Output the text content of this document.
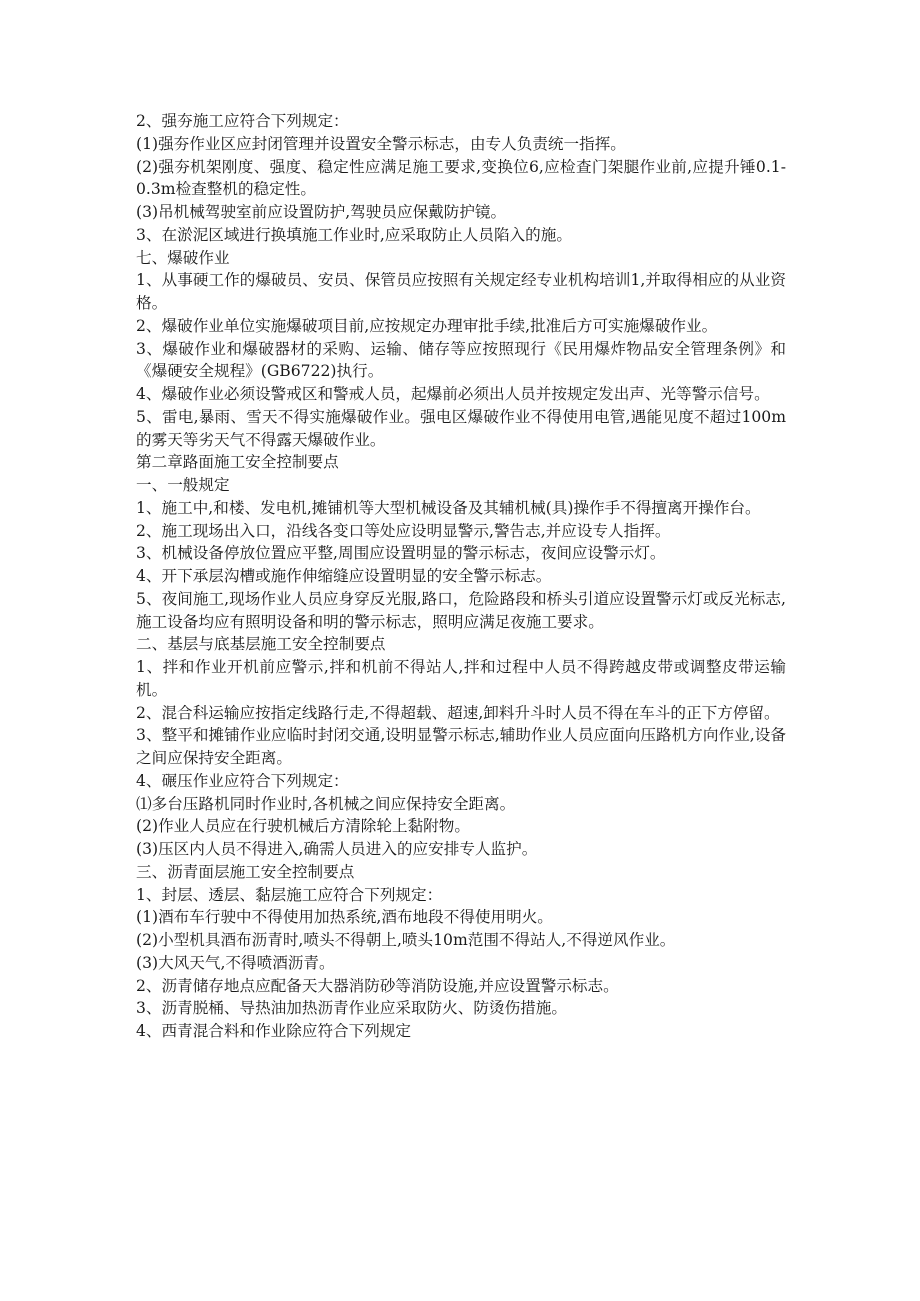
2、强夯施工应符合下列规定：

(1)强夯作业区应封闭管理并设置安全警示标志，由专人负责统一指挥。

(2)强夯机架刚度、强度、稳定性应满足施工要求,变换位6,应检查门架腿作业前,应提升锤0.1-0.3m检查整机的稳定性。

(3)吊机械驾驶室前应设置防护,驾驶员应保戴防护镜。

3、在淤泥区域进行换填施工作业时,应采取防止人员陷入的施。

七、爆破作业

1、从事硬工作的爆破员、安员、保管员应按照有关规定经专业机构培训1,并取得相应的从业资格。

2、爆破作业单位实施爆破项目前,应按规定办理审批手续,批准后方可实施爆破作业。

3、爆破作业和爆破器材的采购、运输、储存等应按照现行《民用爆炸物品安全管理条例》和《爆硬安全规程》(GB6722)执行。

4、爆破作业必须设警戒区和警戒人员，起爆前必须出人员并按规定发出声、光等警示信号。

5、雷电,暴雨、雪天不得实施爆破作业。强电区爆破作业不得使用电管,遇能见度不超过100m的雾天等劣天气不得露天爆破作业。

第二章路面施工安全控制要点

一、一般规定

1、施工中,和楼、发电机,摊铺机等大型机械设备及其辅机械(具)操作手不得擅离开操作台。

2、施工现场出入口，沿线各变口等处应设明显警示,警告志,并应设专人指挥。

3、机械设备停放位置应平整,周围应设置明显的警示标志，夜间应设警示灯。

4、开下承层沟槽或施作伸缩缝应设置明显的安全警示标志。

5、夜间施工,现场作业人员应身穿反光服,路口，危险路段和桥头引道应设置警示灯或反光标志,施工设备均应有照明设备和明的警示标志，照明应满足夜施工要求。

二、基层与底基层施工安全控制要点

1、拌和作业开机前应警示,拌和机前不得站人,拌和过程中人员不得跨越皮带或调整皮带运输机。

2、混合科运输应按指定线路行走,不得超载、超速,卸料升斗时人员不得在车斗的正下方停留。

3、整平和摊铺作业应临时封闭交通,设明显警示标志,辅助作业人员应面向压路机方向作业,设备之间应保持安全距离。

4、碾压作业应符合下列规定：

⑴多台压路机同时作业时,各机械之间应保持安全距离。

(2)作业人员应在行驶机械后方清除轮上黏附物。

(3)压区内人员不得进入,确需人员进入的应安排专人监护。

三、沥青面层施工安全控制要点

1、封层、透层、黏层施工应符合下列规定：

(1)酒布车行驶中不得使用加热系统,酒布地段不得使用明火。

(2)小型机具酒布沥青时,喷头不得朝上,喷头10m范围不得站人,不得逆风作业。

(3)大风天气,不得喷酒沥青。

2、沥青储存地点应配备天大器消防砂等消防设施,并应设置警示标志。

3、沥青脱桶、导热油加热沥青作业应采取防火、防烫伤措施。

4、西青混合料和作业除应符合下列规定
